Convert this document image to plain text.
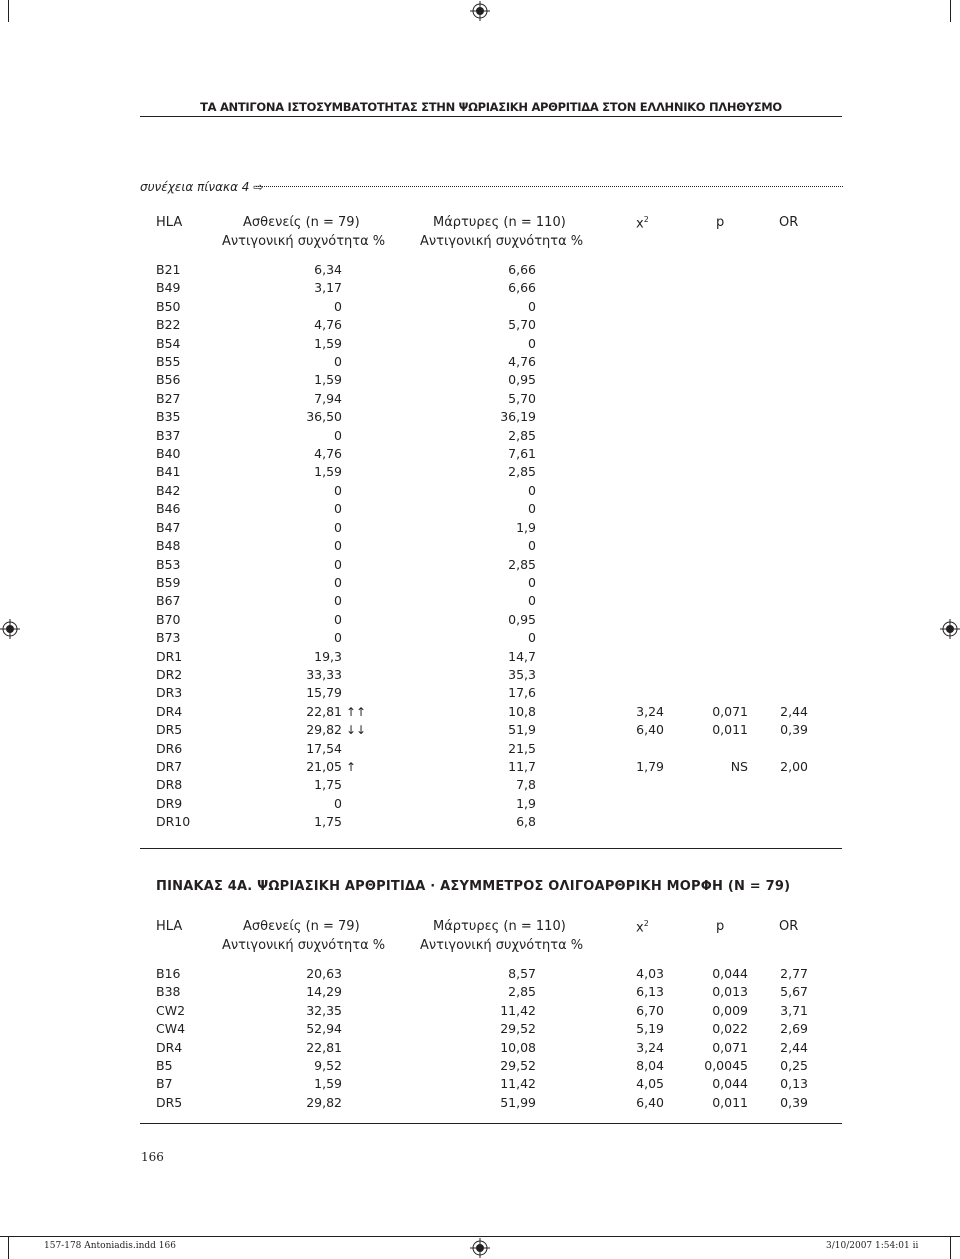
ΤΑ ΑΝΤΙΓΟΝΑ ΙΣΤΟΣΥΜΒΑΤΟΤΗΤΑΣ ΣΤΗΝ ΨΩΡΙΑΣΙΚΗ ΑΡΘΡΙΤΙΔΑ ΣΤΟΝ ΕΛΛΗΝΙΚΟ ΠΛΗΘΥΣΜΟ
συνέχεια πίνακα 4 ⇨
HLA	Ασθενείς (n = 79)	Μάρτυρες (n = 110)	$x^2$	p	OR
Αντιγονική συχνότητα %	Αντιγονική συχνότητα %
B21	6,34	6,66			
B49	3,17	6,66			
B50	0	0			
B22	4,76	5,70			
B54	1,59	0			
B55	0	4,76			
B56	1,59	0,95			
B27	7,94	5,70			
B35	36,50	36,19			
B37	0	2,85			
B40	4,76	7,61			
B41	1,59	2,85			
B42	0	0			
B46	0	0			
B47	0	1,9			
B48	0	0			
B53	0	2,85			
B59	0	0			
B67	0	0			
B70	0	0,95			
B73	0	0			
DR1	19,3	14,7			
DR2	33,33	35,3			
DR3	15,79	17,6			
DR4	22,81 ↑↑	10,8	3,24	0,071	2,44
DR5	29,82 ↓↓	51,9	6,40	0,011	0,39
DR6	17,54	21,5			
DR7	21,05 ↑	11,7	1,79	NS	2,00
DR8	1,75	7,8			
DR9	0	1,9			
DR10	1,75	6,8			
ΠΙΝΑΚΑΣ 4Α. ΨΩΡΙΑΣΙΚΗ ΑΡΘΡΙΤΙΔΑ · ΑΣΥΜΜΕΤΡΟΣ ΟΛΙΓΟΑΡΘΡΙΚΗ ΜΟΡΦΗ (Ν = 79)
HLA	Ασθενείς (n = 79)	Μάρτυρες (n = 110)	$x^2$	p	OR
Αντιγονική συχνότητα %	Αντιγονική συχνότητα %
B16	20,63	8,57	4,03	0,044	2,77
B38	14,29	2,85	6,13	0,013	5,67
CW2	32,35	11,42	6,70	0,009	3,71
CW4	52,94	29,52	5,19	0,022	2,69
DR4	22,81	10,08	3,24	0,071	2,44
B5	9,52	29,52	8,04	0,0045	0,25
B7	1,59	11,42	4,05	0,044	0,13
DR5	29,82	51,99	6,40	0,011	0,39
166
157-178 Antoniadis.indd 166	3/10/2007 1:54:01 ii
